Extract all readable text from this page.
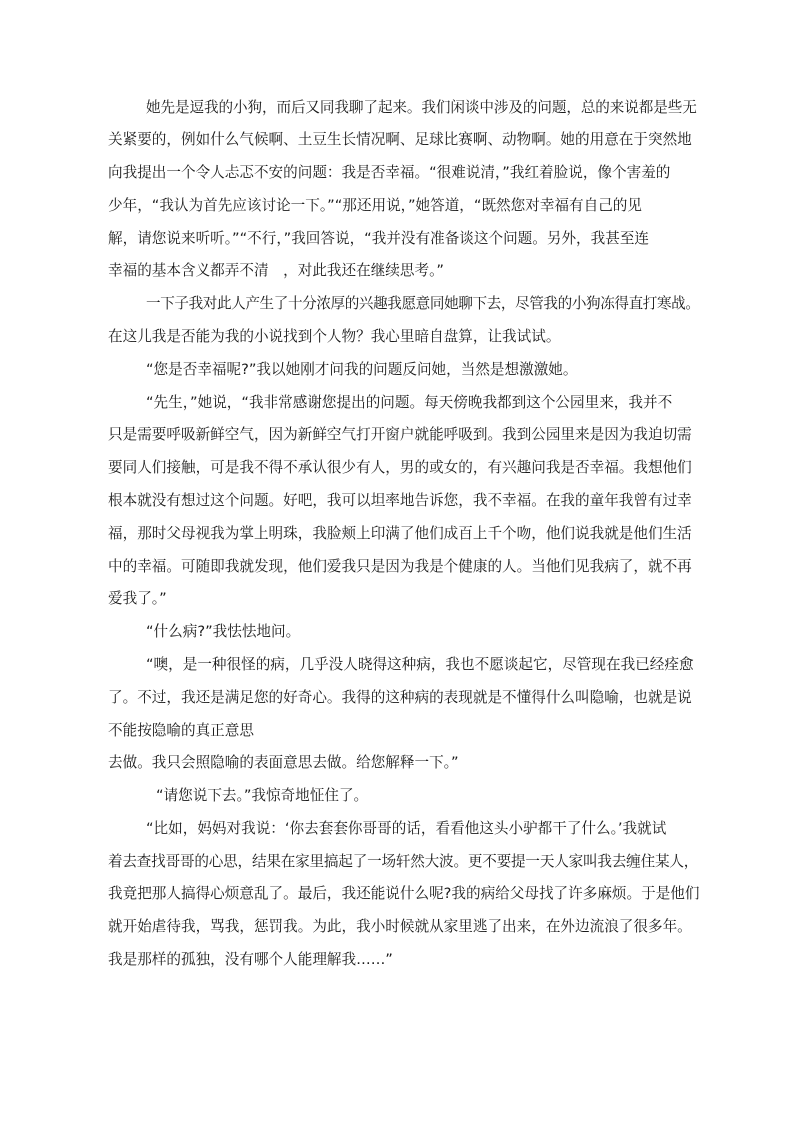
她先是逗我的小狗，而后又同我聊了起来。我们闲谈中涉及的问题，总的来说都是些无

关紧要的，例如什么气候啊、土豆生长情况啊、足球比赛啊、动物啊。她的用意在于突然地

向我提出一个令人忐忑不安的问题：我是否幸福。“很难说清，”我红着脸说，像个害羞的

少年，“我认为首先应该讨论一下。”“那还用说，”她答道，“既然您对幸福有自己的见

解，请您说来听听。”“不行，”我回答说，“我并没有准备谈这个问题。另外，我甚至连

幸福的基本含义都弄不清　，对此我还在继续思考。”

一下子我对此人产生了十分浓厚的兴趣我愿意同她聊下去，尽管我的小狗冻得直打寒战。

在这儿我是否能为我的小说找到个人物？我心里暗自盘算，让我试试。

“您是否幸福呢?”我以她刚才问我的问题反问她，当然是想激激她。

“先生，”她说，“我非常感谢您提出的问题。每天傍晚我都到这个公园里来，我并不

只是需要呼吸新鲜空气，因为新鲜空气打开窗户就能呼吸到。我到公园里来是因为我迫切需

要同人们接触，可是我不得不承认很少有人，男的或女的，有兴趣问我是否幸福。我想他们

根本就没有想过这个问题。好吧，我可以坦率地告诉您，我不幸福。在我的童年我曾有过幸

福，那时父母视我为掌上明珠，我脸颊上印满了他们成百上千个吻，他们说我就是他们生活

中的幸福。可随即我就发现，他们爱我只是因为我是个健康的人。当他们见我病了，就不再

爱我了。”

“什么病?”我怯怯地问。

“噢，是一种很怪的病，几乎没人晓得这种病，我也不愿谈起它，尽管现在我已经痊愈

了。不过，我还是满足您的好奇心。我得的这种病的表现就是不懂得什么叫隐喻，也就是说

不能按隐喻的真正意思

去做。我只会照隐喻的表面意思去做。给您解释一下。”

“请您说下去。”我惊奇地怔住了。

“比如，妈妈对我说：‘你去套套你哥哥的话，看看他这头小驴都干了什么。’我就试

着去查找哥哥的心思，结果在家里搞起了一场轩然大波。更不要提一天人家叫我去缠住某人，

我竟把那人搞得心烦意乱了。最后，我还能说什么呢?我的病给父母找了许多麻烦。于是他们

就开始虐待我，骂我，惩罚我。为此，我小时候就从家里逃了出来，在外边流浪了很多年。

我是那样的孤独，没有哪个人能理解我……”
